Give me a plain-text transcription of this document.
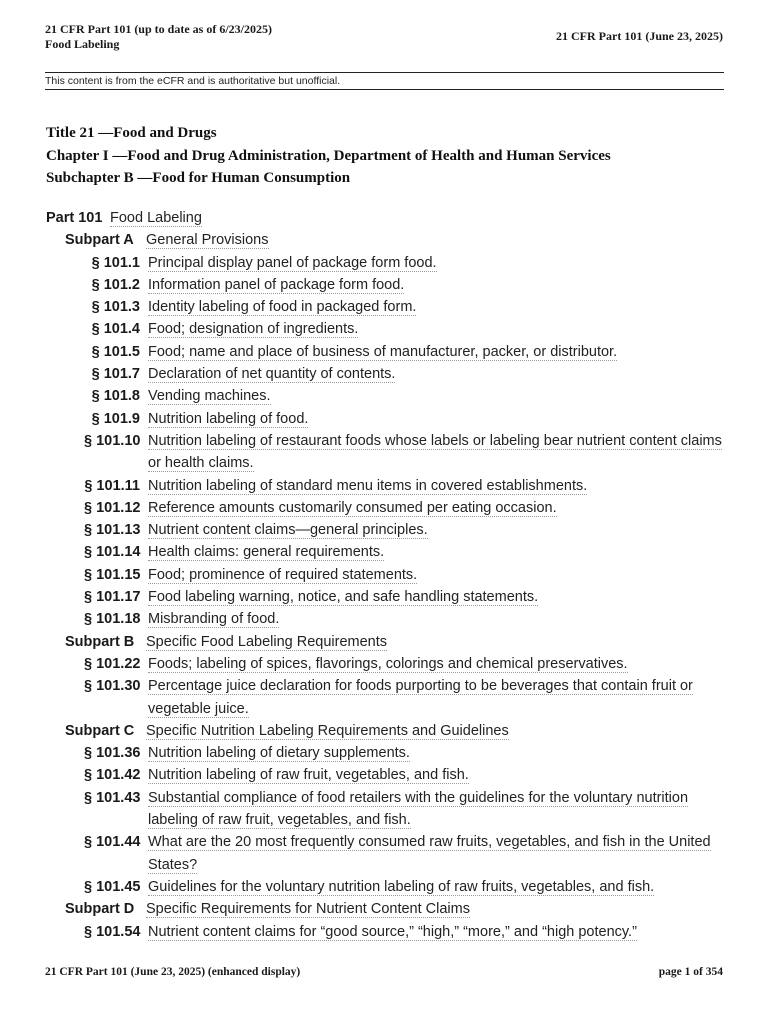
21 CFR Part 101 (up to date as of 6/23/2025)
Food Labeling
21 CFR Part 101 (June 23, 2025)
This content is from the eCFR and is authoritative but unofficial.
Title 21 —Food and Drugs
Chapter I —Food and Drug Administration, Department of Health and Human Services
Subchapter B —Food for Human Consumption
Part 101 Food Labeling
Subpart A General Provisions
§ 101.1 Principal display panel of package form food.
§ 101.2 Information panel of package form food.
§ 101.3 Identity labeling of food in packaged form.
§ 101.4 Food; designation of ingredients.
§ 101.5 Food; name and place of business of manufacturer, packer, or distributor.
§ 101.7 Declaration of net quantity of contents.
§ 101.8 Vending machines.
§ 101.9 Nutrition labeling of food.
§ 101.10 Nutrition labeling of restaurant foods whose labels or labeling bear nutrient content claims or health claims.
§ 101.11 Nutrition labeling of standard menu items in covered establishments.
§ 101.12 Reference amounts customarily consumed per eating occasion.
§ 101.13 Nutrient content claims—general principles.
§ 101.14 Health claims: general requirements.
§ 101.15 Food; prominence of required statements.
§ 101.17 Food labeling warning, notice, and safe handling statements.
§ 101.18 Misbranding of food.
Subpart B Specific Food Labeling Requirements
§ 101.22 Foods; labeling of spices, flavorings, colorings and chemical preservatives.
§ 101.30 Percentage juice declaration for foods purporting to be beverages that contain fruit or vegetable juice.
Subpart C Specific Nutrition Labeling Requirements and Guidelines
§ 101.36 Nutrition labeling of dietary supplements.
§ 101.42 Nutrition labeling of raw fruit, vegetables, and fish.
§ 101.43 Substantial compliance of food retailers with the guidelines for the voluntary nutrition labeling of raw fruit, vegetables, and fish.
§ 101.44 What are the 20 most frequently consumed raw fruits, vegetables, and fish in the United States?
§ 101.45 Guidelines for the voluntary nutrition labeling of raw fruits, vegetables, and fish.
Subpart D Specific Requirements for Nutrient Content Claims
§ 101.54 Nutrient content claims for “good source,” “high,” “more,” and “high potency.”
21 CFR Part 101 (June 23, 2025) (enhanced display)	page 1 of 354
